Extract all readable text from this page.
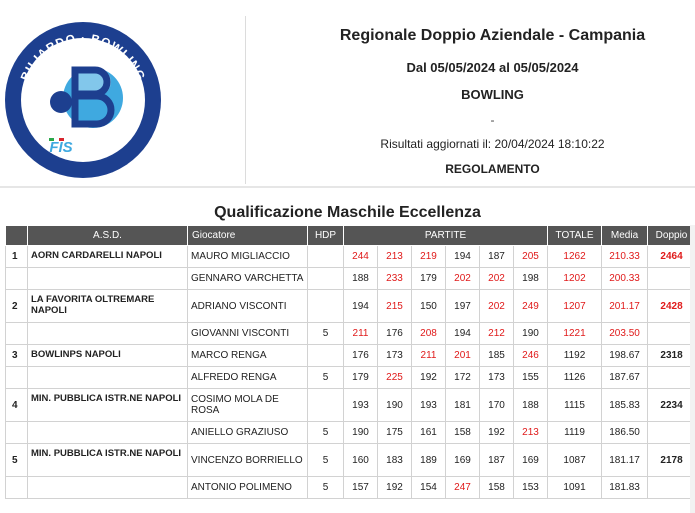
BILIARDO · BOWLING
FIS
Regionale Doppio Aziendale - Campania
Dal 05/05/2024 al 05/05/2024
BOWLING
-
Risultati aggiornati il: 20/04/2024 18:10:22
REGOLAMENTO
Qualificazione Maschile Eccellenza
	A.S.D.	Giocatore	HDP	PARTITE						TOTALE	Media	Doppio
1	AORN CARDARELLI NAPOLI	MAURO MIGLIACCIO		244	213	219	194	187	205	1262	210.33	2464
		GENNARO VARCHETTA		188	233	179	202	202	198	1202	200.33	
2	LA FAVORITA OLTREMARE NAPOLI	ADRIANO VISCONTI		194	215	150	197	202	249	1207	201.17	2428
		GIOVANNI VISCONTI	5	211	176	208	194	212	190	1221	203.50	
3	BOWLINPS NAPOLI	MARCO RENGA		176	173	211	201	185	246	1192	198.67	2318
		ALFREDO RENGA	5	179	225	192	172	173	155	1126	187.67	
4	MIN. PUBBLICA ISTR.NE NAPOLI	COSIMO MOLA DE ROSA		193	190	193	181	170	188	1115	185.83	2234
		ANIELLO GRAZIUSO	5	190	175	161	158	192	213	1119	186.50	
5	MIN. PUBBLICA ISTR.NE NAPOLI	VINCENZO BORRIELLO	5	160	183	189	169	187	169	1087	181.17	2178
		ANTONIO POLIMENO	5	157	192	154	247	158	153	1091	181.83	
